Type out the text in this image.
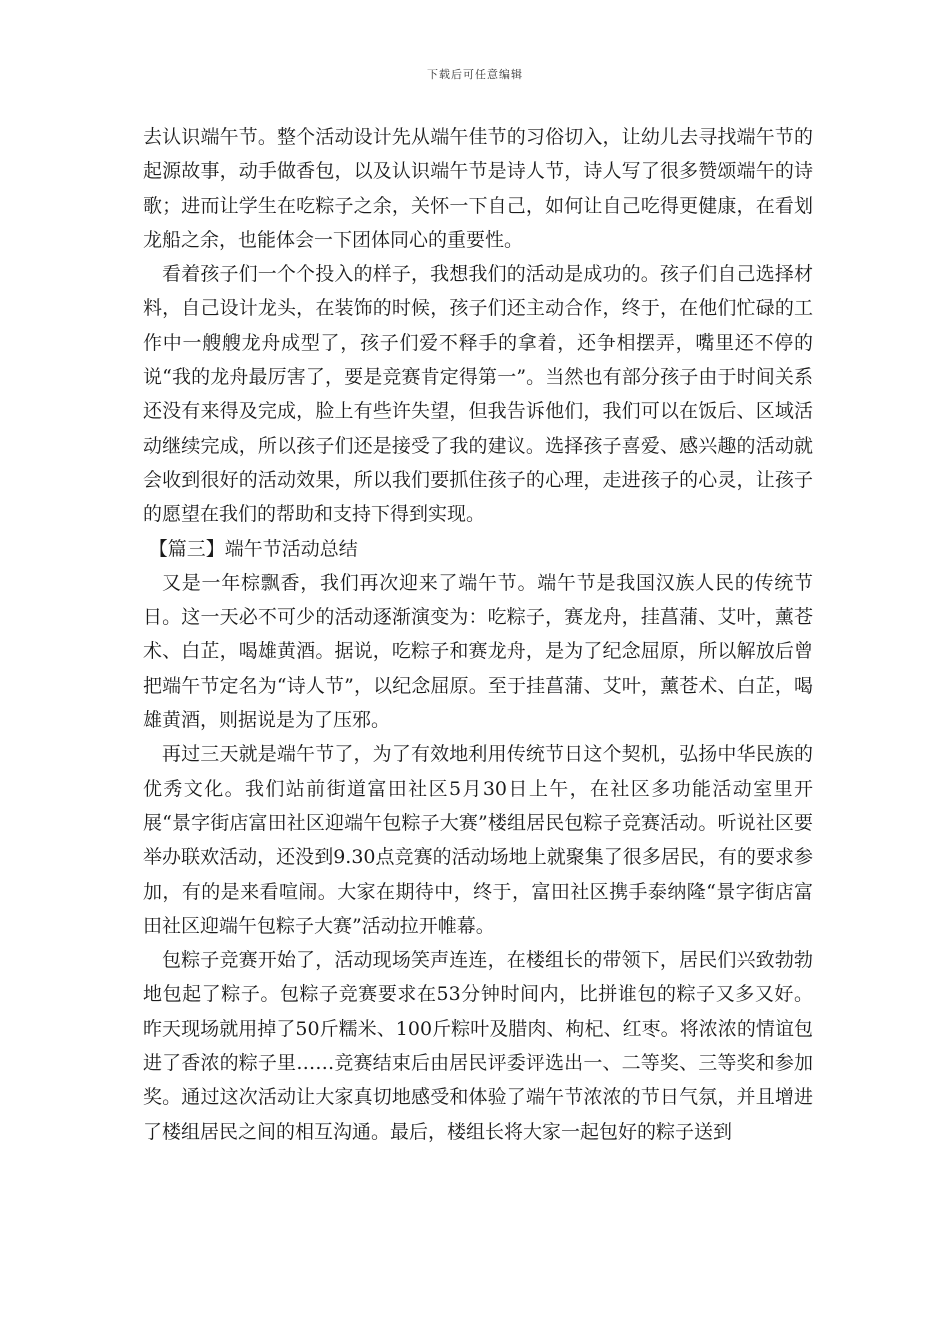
下载后可任意编辑

去认识端午节。整个活动设计先从端午佳节的习俗切入，让幼儿去寻找端午节的起源故事，动手做香包，以及认识端午节是诗人节，诗人写了很多赞颂端午的诗歌；进而让学生在吃粽子之余，关怀一下自己，如何让自己吃得更健康，在看划龙船之余，也能体会一下团体同心的重要性。

看着孩子们一个个投入的样子，我想我们的活动是成功的。孩子们自己选择材料，自己设计龙头，在装饰的时候，孩子们还主动合作，终于，在他们忙碌的工作中一艘艘龙舟成型了，孩子们爱不释手的拿着，还争相摆弄，嘴里还不停的说“我的龙舟最厉害了，要是竞赛肯定得第一”。当然也有部分孩子由于时间关系还没有来得及完成，脸上有些许失望，但我告诉他们，我们可以在饭后、区域活动继续完成，所以孩子们还是接受了我的建议。选择孩子喜爱、感兴趣的活动就会收到很好的活动效果，所以我们要抓住孩子的心理，走进孩子的心灵，让孩子的愿望在我们的帮助和支持下得到实现。

【篇三】端午节活动总结

又是一年棕飘香，我们再次迎来了端午节。端午节是我国汉族人民的传统节日。这一天必不可少的活动逐渐演变为：吃粽子，赛龙舟，挂菖蒲、艾叶，薰苍术、白芷，喝雄黄酒。据说，吃粽子和赛龙舟，是为了纪念屈原，所以解放后曾把端午节定名为“诗人节”，以纪念屈原。至于挂菖蒲、艾叶，薰苍术、白芷，喝雄黄酒，则据说是为了压邪。

再过三天就是端午节了，为了有效地利用传统节日这个契机，弘扬中华民族的优秀文化。我们站前街道富田社区5月30日上午，在社区多功能活动室里开展“景字街店富田社区迎端午包粽子大赛”楼组居民包粽子竞赛活动。听说社区要举办联欢活动，还没到9.30点竞赛的活动场地上就聚集了很多居民，有的要求参加，有的是来看喧闹。大家在期待中，终于，富田社区携手泰纳隆“景字街店富田社区迎端午包粽子大赛”活动拉开帷幕。

包粽子竞赛开始了，活动现场笑声连连，在楼组长的带领下，居民们兴致勃勃地包起了粽子。包粽子竞赛要求在53分钟时间内，比拼谁包的粽子又多又好。昨天现场就用掉了50斤糯米、100斤粽叶及腊肉、枸杞、红枣。将浓浓的情谊包进了香浓的粽子里……竞赛结束后由居民评委评选出一、二等奖、三等奖和参加奖。通过这次活动让大家真切地感受和体验了端午节浓浓的节日气氛，并且增进了楼组居民之间的相互沟通。最后，楼组长将大家一起包好的粽子送到
